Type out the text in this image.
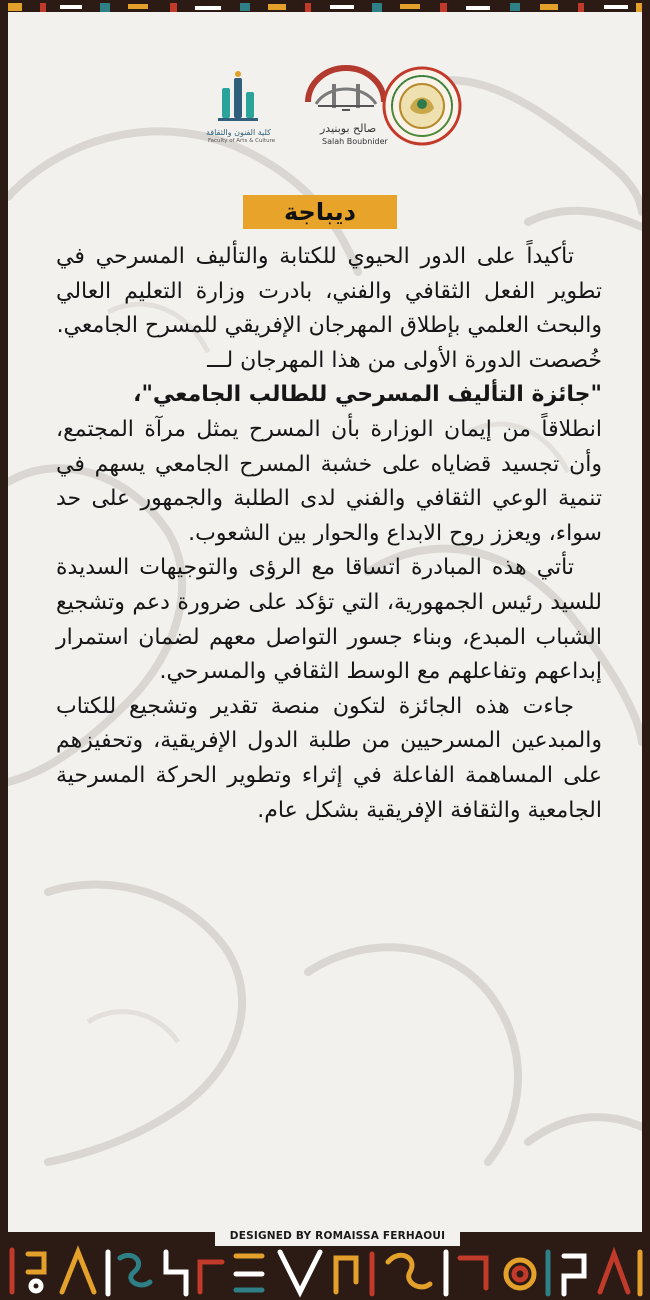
كلية الفنون والثقافة
Faculty of Arts & Culture
صالح بوبنيدر
Salah Boubnider
ديباجة

تأكيداً على الدور الحيوي للكتابة والتأليف المسرحي في تطوير الفعل الثقافي والفني، بادرت وزارة التعليم العالي والبحث العلمي بإطلاق المهرجان الإفريقي للمسرح الجامعي.
خُصصت الدورة الأولى من هذا المهرجان لـــ
"جائزة التأليف المسرحي للطالب الجامعي"،
انطلاقاً من إيمان الوزارة بأن المسرح يمثل مرآة المجتمع، وأن تجسيد قضاياه على خشبة المسرح الجامعي يسهم في تنمية الوعي الثقافي والفني لدى الطلبة والجمهور على حد سواء، ويعزز روح الابداع والحوار بين الشعوب.

تأتي هذه المبادرة اتساقا مع الرؤى والتوجيهات السديدة للسيد رئيس الجمهورية، التي تؤكد على ضرورة دعم وتشجيع الشباب المبدع، وبناء جسور التواصل معهم لضمان استمرار إبداعهم وتفاعلهم مع الوسط الثقافي والمسرحي.

جاءت هذه الجائزة لتكون منصة تقدير وتشجيع للكتاب والمبدعين المسرحيين من طلبة الدول الإفريقية، وتحفيزهم على المساهمة الفاعلة في إثراء وتطوير الحركة المسرحية الجامعية والثقافة الإفريقية بشكل عام.

DESIGNED BY ROMAISSA FERHAOUI
